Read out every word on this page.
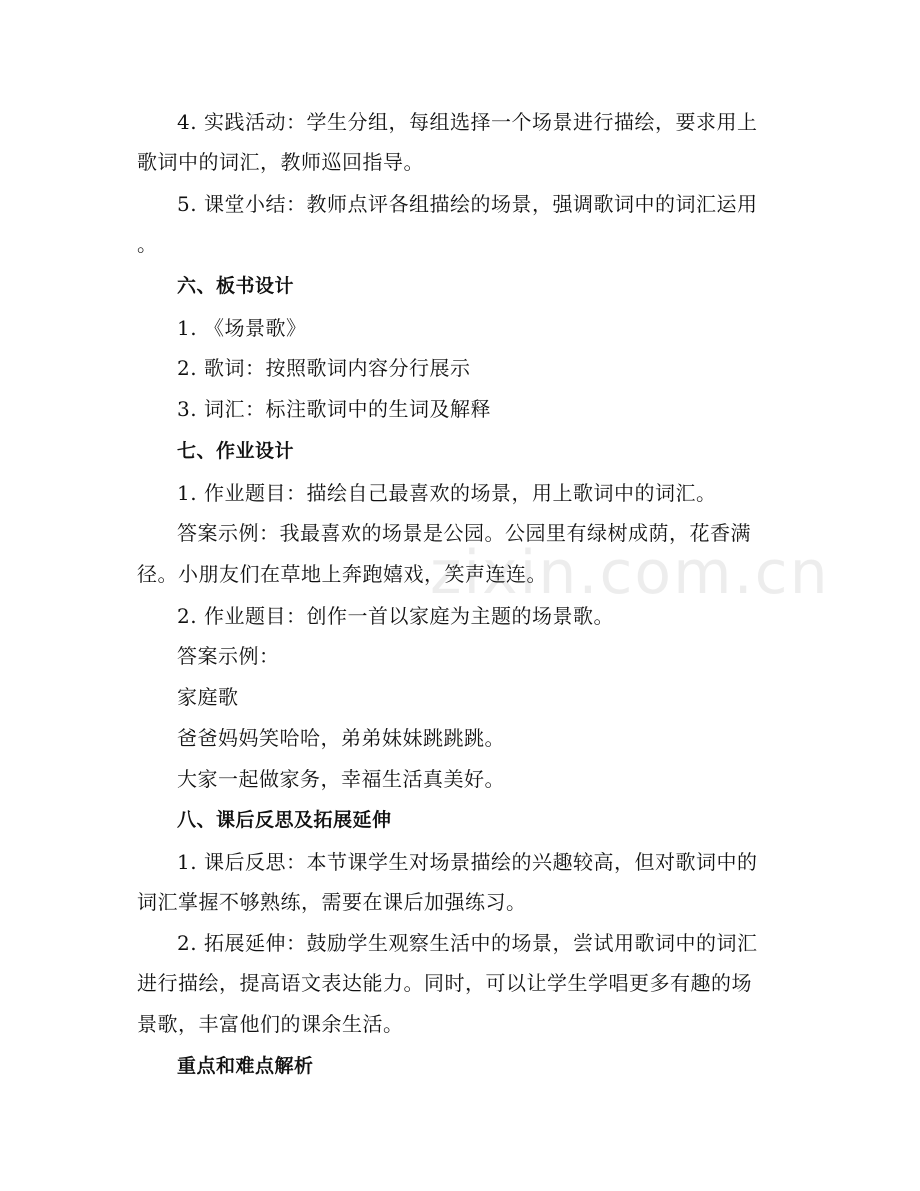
4. 实践活动：学生分组，每组选择一个场景进行描绘，要求用上
歌词中的词汇，教师巡回指导。
5. 课堂小结：教师点评各组描绘的场景，强调歌词中的词汇运用
。
六、板书设计
1. 《场景歌》
2. 歌词：按照歌词内容分行展示
3. 词汇：标注歌词中的生词及解释
七、作业设计
1. 作业题目：描绘自己最喜欢的场景，用上歌词中的词汇。
答案示例：我最喜欢的场景是公园。公园里有绿树成荫，花香满
径。小朋友们在草地上奔跑嬉戏，笑声连连。
2. 作业题目：创作一首以家庭为主题的场景歌。
答案示例：
家庭歌
爸爸妈妈笑哈哈，弟弟妹妹跳跳跳。
大家一起做家务，幸福生活真美好。
八、课后反思及拓展延伸
1. 课后反思：本节课学生对场景描绘的兴趣较高，但对歌词中的
词汇掌握不够熟练，需要在课后加强练习。
2. 拓展延伸：鼓励学生观察生活中的场景，尝试用歌词中的词汇
进行描绘，提高语文表达能力。同时，可以让学生学唱更多有趣的场
景歌，丰富他们的课余生活。
重点和难点解析
zixin.com.cn
